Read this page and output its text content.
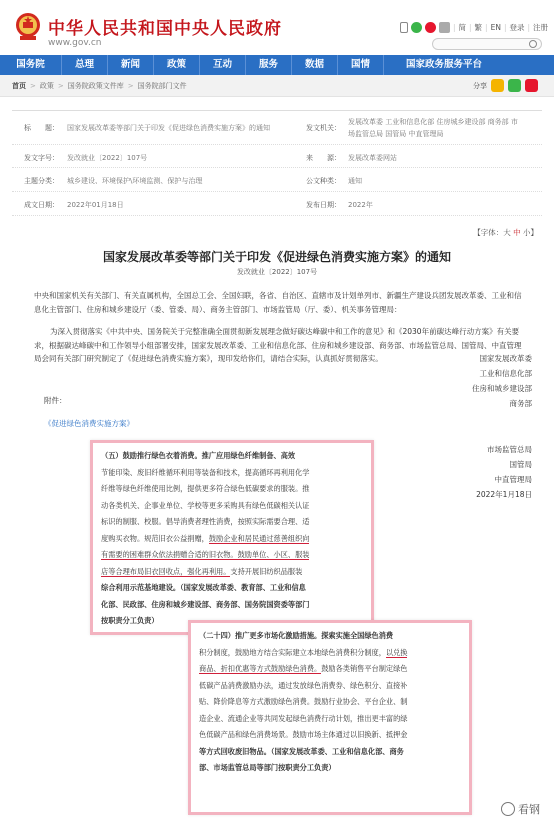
中华人民共和国中央人民政府
www.gov.cn
| 简 | 繁 | EN | 登录 | 注册
国务院	总理	新闻	政策	互动	服务	数据	国情	国家政务服务平台
首页 > 政策 > 国务院政策文件库 > 国务院部门文件	分享
标　　题： 国家发展改革委等部门关于印发《促进绿色消费实施方案》的通知	发文机关：
发展改革委 工业和信息化部 住房城乡建设部 商务部 市
场监管总局 国管局 中直管理局
发文字号： 发改就业〔2022〕107号	来　　源： 发展改革委网站
主题分类： 城乡建设、环境保护\环境监测、保护与治理	公文种类： 通知
成文日期： 2022年01月18日	发布日期： 2022年
【字体：大 中 小】
国家发展改革委等部门关于印发《促进绿色消费实施方案》的通知
发改就业〔2022〕107号
中央和国家机关有关部门、有关直属机构，全国总工会、全国妇联，各省、自治区、直辖市及计划单列市、新疆生产建设兵团发展改革委、工业和信息化主管部门、住房和城乡建设厅（委、管委、局）、商务主管部门、市场监管局（厅、委）、机关事务管理局：
为深入贯彻落实《中共中央、国务院关于完整准确全面贯彻新发展理念做好碳达峰碳中和工作的意见》和《2030年前碳达峰行动方案》有关要求，根据碳达峰碳中和工作领导小组部署安排，国家发展改革委、工业和信息化部、住房和城乡建设部、商务部、市场监管总局、国管局、中直管理局会同有关部门研究制定了《促进绿色消费实施方案》，现印发给你们，请结合实际，认真抓好贯彻落实。	国家发展改革委
工业和信息化部
住房和城乡建设部
商务部
市场监管总局
国管局
中直管理局
2022年1月18日
附件：
《促进绿色消费实施方案》

（五）鼓励推行绿色衣着消费。推广应用绿色纤维制备、高效

节能印染、废旧纤维循环利用等装备和技术，提高循环再利用化学

纤维等绿色纤维使用比例，提供更多符合绿色低碳要求的服装。推

动各类机关、企事业单位、学校等更多采购具有绿色低碳相关认证

标识的制服、校服。倡导消费者理性消费，按照实际需要合理、适

度购买衣物。规范旧衣公益捐赠，鼓励企业和居民通过慈善组织向

有需要的困难群众依法捐赠合适的旧衣物。鼓励单位、小区、服装

店等合理布局旧衣回收点，强化再利用。支持开展旧纺织品服装

综合利用示范基地建设。（国家发展改革委、教育部、工业和信息

化部、民政部、住房和城乡建设部、商务部、国务院国资委等部门

按职责分工负责）

（二十四）推广更多市场化激励措施。探索实施全国绿色消费

积分制度，鼓励地方结合实际建立本地绿色消费积分制度，以兑换

商品、折扣优惠等方式鼓励绿色消费。鼓励各类销售平台制定绿色

低碳产品消费激励办法，通过发放绿色消费券、绿色积分、直接补

贴、降价降息等方式激励绿色消费。鼓励行业协会、平台企业、制

造企业、流通企业等共同发起绿色消费行动计划，推出更丰富的绿

色低碳产品和绿色消费场景。鼓励市场主体通过以旧换新、抵押金

等方式回收废旧物品。（国家发展改革委、工业和信息化部、商务

部、市场监管总局等部门按职责分工负责）

看钢
